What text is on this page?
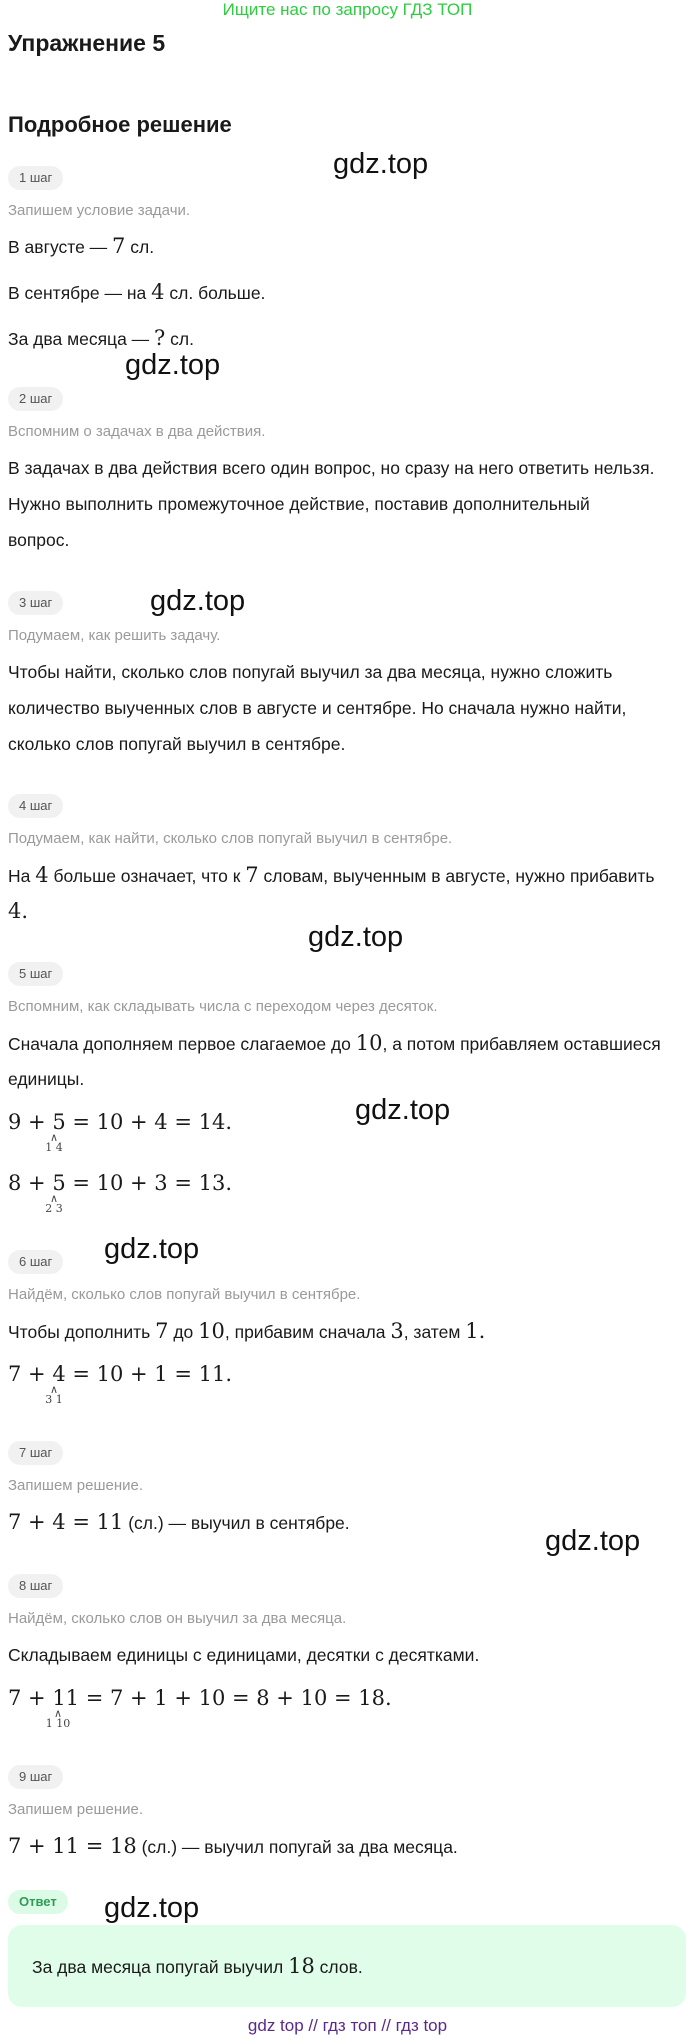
Ищите нас по запросу ГДЗ ТОП
Упражнение 5
Подробное решение
1 шаг
Запишем условие задачи.
В августе — 7 сл.
В сентябре — на 4 сл. больше.
За два месяца — ? сл.
2 шаг
Вспомним о задачах в два действия.
В задачах в два действия всего один вопрос, но сразу на него ответить нельзя.
Нужно выполнить промежуточное действие, поставив дополнительный
вопрос.
3 шаг
Подумаем, как решить задачу.
Чтобы найти, сколько слов попугай выучил за два месяца, нужно сложить
количество выученных слов в августе и сентябре. Но сначала нужно найти,
сколько слов попугай выучил в сентябре.
4 шаг
Подумаем, как найти, сколько слов попугай выучил в сентябре.
На 4 больше означает, что к 7 словам, выученным в августе, нужно прибавить
4.
5 шаг
Вспомним, как складывать числа с переходом через десяток.
Сначала дополняем первое слагаемое до 10, а потом прибавляем оставшиеся
единицы.
9 + 5 = 10 + 4 = 14.
∧
1 4
8 + 5 = 10 + 3 = 13.
∧
2 3
6 шаг
Найдём, сколько слов попугай выучил в сентябре.
Чтобы дополнить 7 до 10, прибавим сначала 3, затем 1.
7 + 4 = 10 + 1 = 11.
∧
3 1
7 шаг
Запишем решение.
7 + 4 = 11 (сл.) — выучил в сентябре.
8 шаг
Найдём, сколько слов он выучил за два месяца.
Складываем единицы с единицами, десятки с десятками.
7 + 11 = 7 + 1 + 10 = 8 + 10 = 18.
∧
1 10
9 шаг
Запишем решение.
7 + 11 = 18 (сл.) — выучил попугай за два месяца.
Ответ
За два месяца попугай выучил 18 слов.
gdz.top
gdz.top
gdz.top
gdz.top
gdz.top
gdz.top
gdz.top
gdz.top
gdz top // гдз топ // гдз top
